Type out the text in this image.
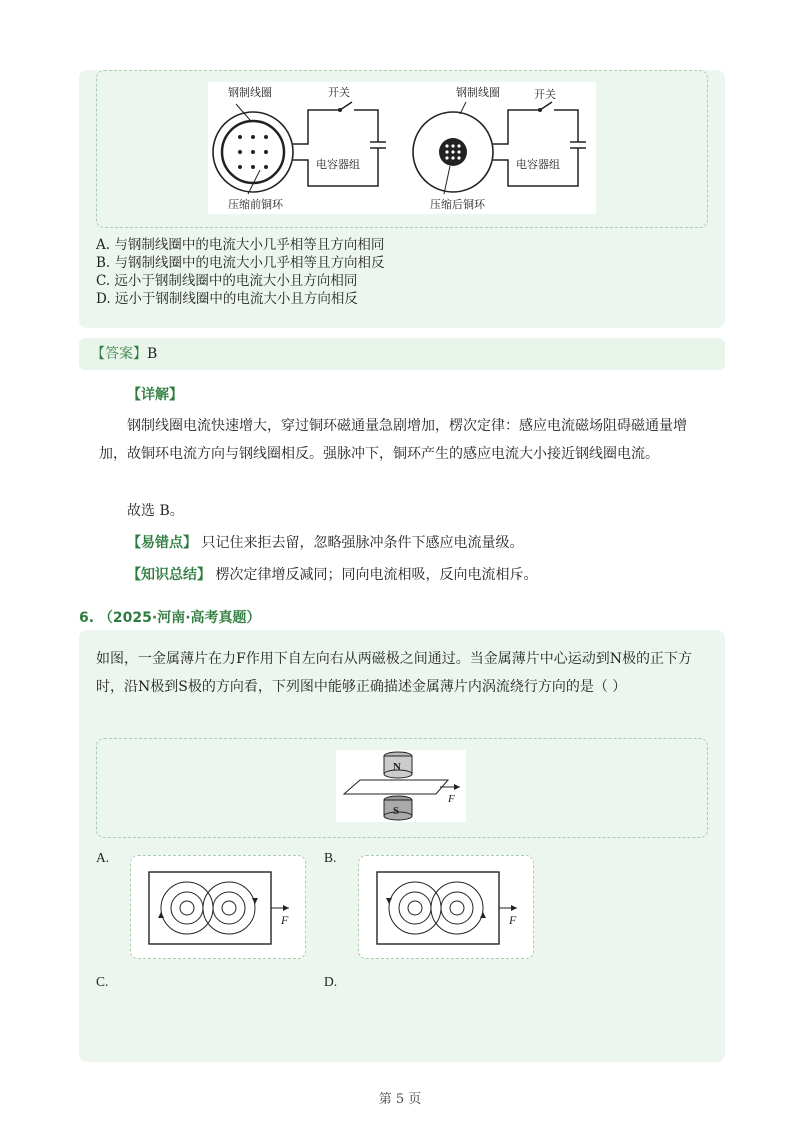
钢制线圈	开关
电容器组
压缩前铜环
钢制线圈	开关
电容器组
压缩后铜环
A. 与钢制线圈中的电流大小几乎相等且方向相同
B. 与钢制线圈中的电流大小几乎相等且方向相反
C. 远小于钢制线圈中的电流大小且方向相同
D. 远小于钢制线圈中的电流大小且方向相反
【答案】B
【详解】
钢制线圈电流快速增大，穿过铜环磁通量急剧增加，楞次定律：感应电流磁场阻碍磁通量增加，故铜环电流方向与钢线圈相反。强脉冲下，铜环产生的感应电流大小接近钢线圈电流。
故选 B。
【易错点】 只记住来拒去留，忽略强脉冲条件下感应电流量级。
【知识总结】 楞次定律增反减同；同向电流相吸，反向电流相斥。
6. （2025·河南·高考真题）
如图，一金属薄片在力F作用下自左向右从两磁极之间通过。当金属薄片中心运动到N极的正下方时，沿N极到S极的方向看，下列图中能够正确描述金属薄片内涡流绕行方向的是（ ）
N
F
S
A.
F
B.
F
C.	D.
第 5 页
